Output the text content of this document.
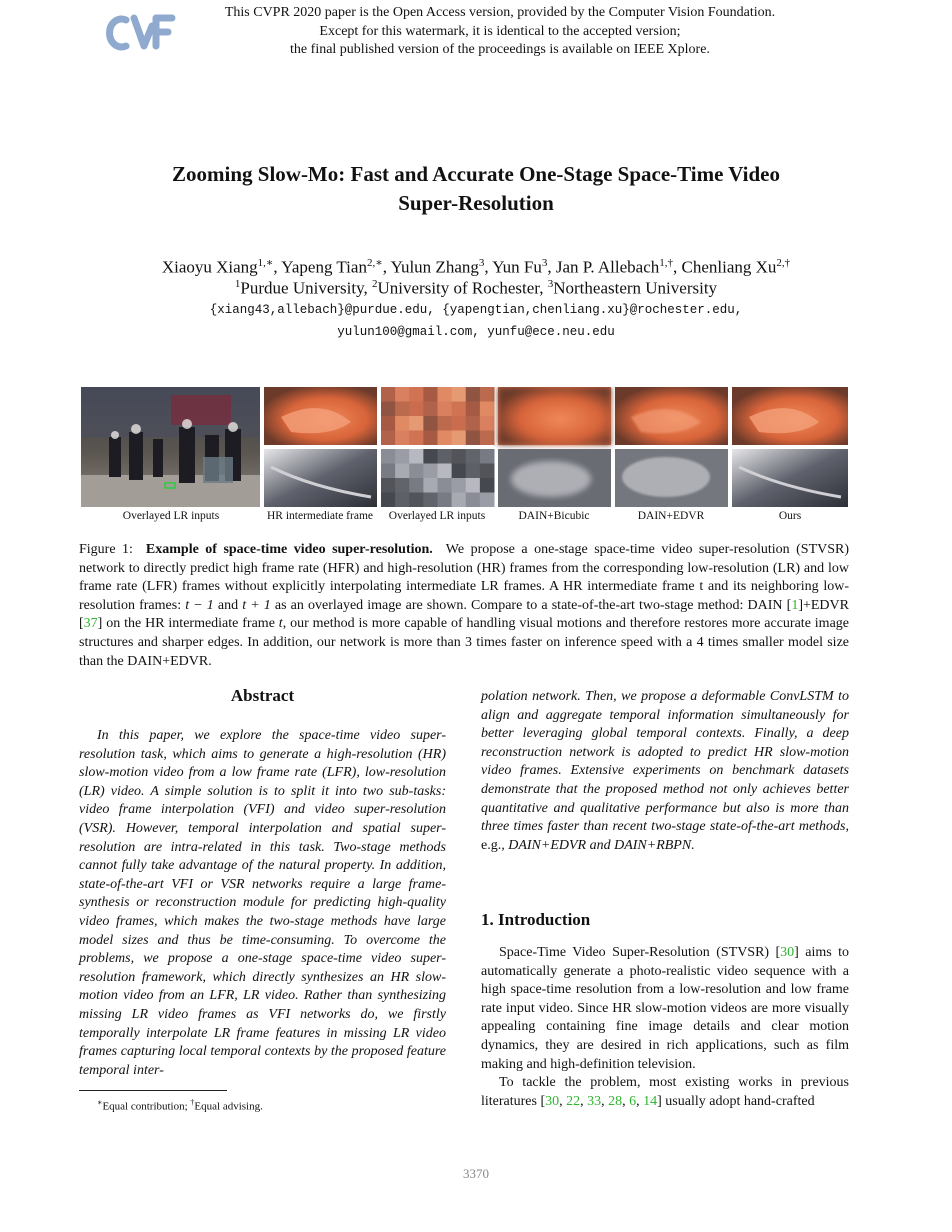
This CVPR 2020 paper is the Open Access version, provided by the Computer Vision Foundation.
Except for this watermark, it is identical to the accepted version;
the final published version of the proceedings is available on IEEE Xplore.
Zooming Slow-Mo: Fast and Accurate One-Stage Space-Time Video
Super-Resolution
Xiaoyu Xiang$^{1,∗}$, Yapeng Tian$^{2,∗}$, Yulun Zhang$^3$, Yun Fu$^3$, Jan P. Allebach$^{1,\dagger}$, Chenliang $Xu^{2,\dagger}$
$^1$Purdue University, $^2$University of Rochester, $^3$Northeastern University
{xiang43,allebach}@purdue.edu, {yapengtian,chenliang.xu}@rochester.edu,
yulun100@gmail.com, yunfu@ece.neu.edu
Overlayed LR inputs	HR intermediate frame	Overlayed LR inputs	DAIN+Bicubic	DAIN+EDVR	Ours
Figure 1: Example of space-time video super-resolution. We propose a one-stage space-time video super-resolution (STVSR) network to directly predict high frame rate (HFR) and high-resolution (HR) frames from the corresponding low-resolution (LR) and low frame rate (LFR) frames without explicitly interpolating intermediate LR frames. A HR intermediate frame t and its neighboring low-resolution frames: t − 1 and t + 1 as an overlayed image are shown. Compare to a state-of-the-art two-stage method: DAIN [1]+EDVR [37] on the HR intermediate frame t, our method is more capable of handling visual motions and therefore restores more accurate image structures and sharper edges. In addition, our network is more than 3 times faster on inference speed with a 4 times smaller model size than the DAIN+EDVR.
Abstract
In this paper, we explore the space-time video super-resolution task, which aims to generate a high-resolution (HR) slow-motion video from a low frame rate (LFR), low-resolution (LR) video. A simple solution is to split it into two sub-tasks: video frame interpolation (VFI) and video super-resolution (VSR). However, temporal interpolation and spatial super-resolution are intra-related in this task. Two-stage methods cannot fully take advantage of the natural property. In addition, state-of-the-art VFI or VSR networks require a large frame-synthesis or reconstruction module for predicting high-quality video frames, which makes the two-stage methods have large model sizes and thus be time-consuming. To overcome the problems, we propose a one-stage space-time video super-resolution framework, which directly synthesizes an HR slow-motion video from an LFR, LR video. Rather than synthesizing missing LR video frames as VFI networks do, we firstly temporally interpolate LR frame features in missing LR video frames capturing local temporal contexts by the proposed feature temporal inter-
polation network. Then, we propose a deformable ConvLSTM to align and aggregate temporal information simultaneously for better leveraging global temporal contexts. Finally, a deep reconstruction network is adopted to predict HR slow-motion video frames. Extensive experiments on benchmark datasets demonstrate that the proposed method not only achieves better quantitative and qualitative performance but also is more than three times faster than recent two-stage state-of-the-art methods, e.g., DAIN+EDVR and DAIN+RBPN.
1. Introduction

Space-Time Video Super-Resolution (STVSR) [30] aims to automatically generate a photo-realistic video sequence with a high space-time resolution from a low-resolution and low frame rate input video. Since HR slow-motion videos are more visually appealing containing fine image details and clear motion dynamics, they are desired in rich applications, such as film making and high-definition television.

To tackle the problem, most existing works in previous literatures [30, 22, 33, 28, 6, 14] usually adopt hand-crafted

∗Equal contribution; †Equal advising.
3370
